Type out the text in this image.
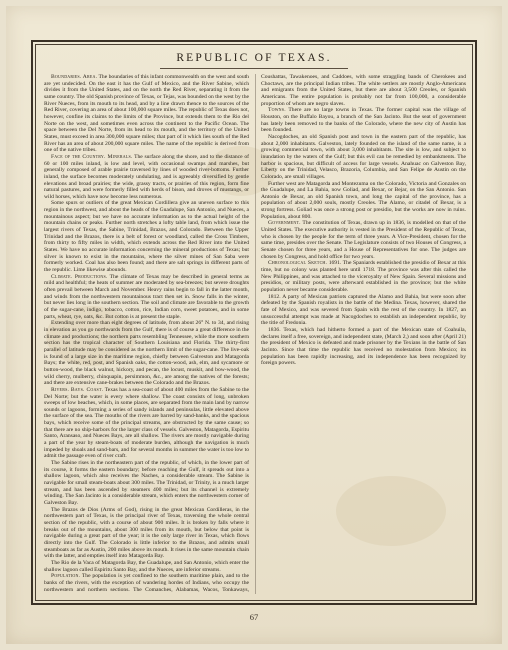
REPUBLIC OF TEXAS.

Boundaries. Area. The boundaries of this infant commonwealth on the west and south are yet undecided. On the east it has the Gulf of Mexico, and the River Sabine, which divides it from the United States, and on the north the Red River, separating it from the same country. The old Spanish province of Texas, or Tejas, was bounded on the west by the River Nueces, from its mouth to its head, and by a line drawn thence to the sources of the Red River, covering an area of about 100,000 square miles. The republic of Texas does not, however, confine its claims to the limits of the Province, but extends them to the Rio del Norte on the west, and sometimes even across the continent to the Pacific Ocean. The space between the Del Norte, from its head to its mouth, and the territory of the United States, must exceed in area 300,000 square miles; that part of it which lies south of the Red River has an area of about 200,000 square miles. The name of the republic is derived from one of the native tribes.

Face of the Country. Minerals. The surface along the shore, and to the distance of 60 or 100 miles inland, is low and level, with occasional swamps and marshes, but generally composed of arable prairie traversed by lines of wooded river-bottoms. Further inland, the surface becomes moderately undulating, and is agreeably diversified by gentle elevations and broad prairies; the wide, grassy tracts, or prairies of this region, form fine natural pastures, and were formerly filled with herds of bison, and droves of mustangs, or wild horses, which have now become less numerous.

Some spurs or outliers of the great Mexican Cordillera give an uneven surface to this region in the northwest, and about the heads of the Guadalupe, San Antonio, and Nueces, a mountainous aspect; but we have no accurate information as to the actual height of the mountain chains or peaks. Further north stretches a lofty table land, from which issue the largest rivers of Texas, the Sabine, Trinidad, Brazos, and Colorado. Between the Upper Trinidad and the Brazos, there is a belt of forest or woodland, called the Cross Timbers, from thirty to fifty miles in width, which extends across the Red River into the United States. We have no accurate information concerning the mineral productions of Texas; but silver is known to exist in the mountains, where the silver mines of San Saba were formerly worked. Coal has also been found; and there are salt springs in different parts of the republic. Lime likewise abounds.

Climate. Productions. The climate of Texas may be described in general terms as mild and healthful; the heats of summer are moderated by sea-breezes; but severe droughts often prevail between March and November. Heavy rains begin to fall in the latter month, and winds from the northwestern mountainous tract then set in. Snow falls in the winter, but never lies long in the southern section. The soil and climate are favorable to the growth of the sugar-cane, indigo, tobacco, cotton, rice, Indian corn, sweet potatoes, and in some parts, wheat, rye, oats, &c. But cotton is at present the staple.

Extending over more than eight degrees of latitude, from about 26° N. to 34, and rising in elevation as you go northwards from the Gulf, there is of course a great difference in the climate and productions; the northern parts resembling Tennessee, while the more southern section has the tropical character of Southern Louisiana and Florida. The thirty-first parallel of latitude may be considered as the northern limit of the sugar-cane. The live-oak is found of a large size in the maritime region, chiefly between Galveston and Matagorda Bays; the white, red, post, and Spanish oaks, the cotton-wood, ash, elm, and sycamore or button-wood, the black walnut, hickory, and pecan, the locust, muskit, and bow-wood, the wild cherry, mulberry, chinquapin, persimmon, &c., are among the natives of the forests; and there are extensive cane-brakes between the Colorado and the Brazos.

Rivers. Bays. Coast. Texas has a sea-coast of about 400 miles from the Sabine to the Del Norte; but the water is every where shallow. The coast consists of long, unbroken sweeps of low beaches, which, in some places, are separated from the main land by narrow sounds or lagoons, forming a series of sandy islands and peninsulas, little elevated above the surface of the sea. The mouths of the rivers are barred by sand-banks, and the spacious bays, which receive some of the principal streams, are obstructed by the same cause; so that there are no ship-harbors for the larger class of vessels. Galveston, Matagorda, Espiritu Santo, Aransaso, and Nueces Bays, are all shallow. The rivers are mostly navigable during a part of the year by steam-boats of moderate burden, although the navigation is much impeded by shoals and sand-bars, and for several months in summer the water is too low to admit the passage even of river craft.

The Sabine rises in the northeastern part of the republic, of which, in the lower part of its course, it forms the eastern boundary; before reaching the Gulf, it spreads out into a shallow lagoon, which also receives the Naches, a considerable stream. The Sabine is navigable for small steam-boats about 300 miles. The Trinidad, or Trinity, is a much larger stream, and has been ascended by steamers 400 miles; but its channel is extremely winding. The San Jacinto is a considerable stream, which enters the northwestern corner of Galveston Bay.

The Brazos de Dios (Arms of God), rising in the great Mexican Cordilleras, in the northwestern part of Texas, is the principal river of Texas, traversing the whole central section of the republic, with a course of about 900 miles. It is broken by falls where it breaks out of the mountains, about 300 miles from its mouth, but below that point is navigable during a great part of the year; it is the only large river in Texas, which flows directly into the Gulf. The Colorado is little inferior to the Brazos, and admits small steamboats as far as Austin, 200 miles above its mouth. It rises in the same mountain chain with the latter, and empties itself into Matagorda Bay.

The Rio de la Vaca of Matagorda Bay, the Guadalupe, and San Antonio, which enter the shallow lagoon called Espiritu Santo Bay, and the Nueces, are inferior streams.

Population. The population is yet confined to the southern maritime plain, and to the banks of the rivers, with the exception of wandering hordes of Indians, who occupy the northwestern and northern sections. The Comanches, Alabamas, Wacos, Tonkaways, Coushattas, Tawakenoes, and Caddoes, with some straggling bands of Cherokees and Choctaws, are the principal Indian tribes. The white settlers are mostly Anglo-Americans and emigrants from the United States, but there are about 3,500 Creoles, or Spanish Americans. The entire population is probably not far from 100,000, a considerable proportion of whom are negro slaves.

Towns. There are no large towns in Texas. The former capital was the village of Houston, on the Buffalo Bayou, a branch of the San Jacinto. But the seat of government has lately been removed to the banks of the Colorado, where the new city of Austin has been founded.

Nacogdoches, an old Spanish post and town in the eastern part of the republic, has about 2,000 inhabitants. Galveston, lately founded on the island of the same name, is a growing commercial town, with about 3,000 inhabitants. The site is low, and subject to inundation by the waters of the Gulf; but this evil can be remedied by embankments. The harbor is spacious, but difficult of access for large vessels. Anahuac on Galveston Bay, Liberty on the Trinidad, Velasco, Brazoria, Columbia, and San Felipe de Austin on the Colorado, are small villages.

Further west are Matagorda and Montezuma on the Colorado, Victoria and Gonzales on the Guadalupe, and La Bahia, now Goliad, and Bexar, or Bejar, on the San Antonio. San Antonio de Bexar, an old Spanish town, and long the capital of the province, has a population of about 2,000 souls, mostly Creoles. The Alamo, or citadel of Bexar, is a strong fortress. Goliad was once a strong post or presidio, but the works are now in ruins. Population, about 800.

Government. The constitution of Texas, drawn up in 1836, is modelled on that of the United States. The executive authority is vested in the President of the Republic of Texas, who is chosen by the people for the term of three years. A Vice-President, chosen for the same time, presides over the Senate. The Legislature consists of two Houses of Congress, a Senate chosen for three years, and a House of Representatives for one. The judges are chosen by Congress, and hold office for two years.

Chronological Sketch. 1691. The Spaniards established the presidio of Bexar at this time, but no colony was planted here until 1718. The province was after this called the New Philippines, and was attached to the viceroyalty of New Spain. Several missions and presidios, or military posts, were afterward established in the province; but the white population never became considerable.

1812. A party of Mexican patriots captured the Alamo and Bahia, but were soon after defeated by the Spanish royalists in the battle of the Medina. Texas, however, shared the fate of Mexico, and was severed from Spain with the rest of the country. In 1827, an unsuccessful attempt was made at Nacogdoches to establish an independent republic, by the title of Fredonia.

1836. Texas, which had hitherto formed a part of the Mexican state of Coahuila, declares itself a free, sovereign, and independent state, (March 2,) and soon after (April 21) the president of Mexico is defeated and made prisoner by the Texians in the battle of San Jacinto. Since that time the republic has received no molestation from Mexico; its population has been rapidly increasing, and its independence has been recognized by foreign powers.

67
